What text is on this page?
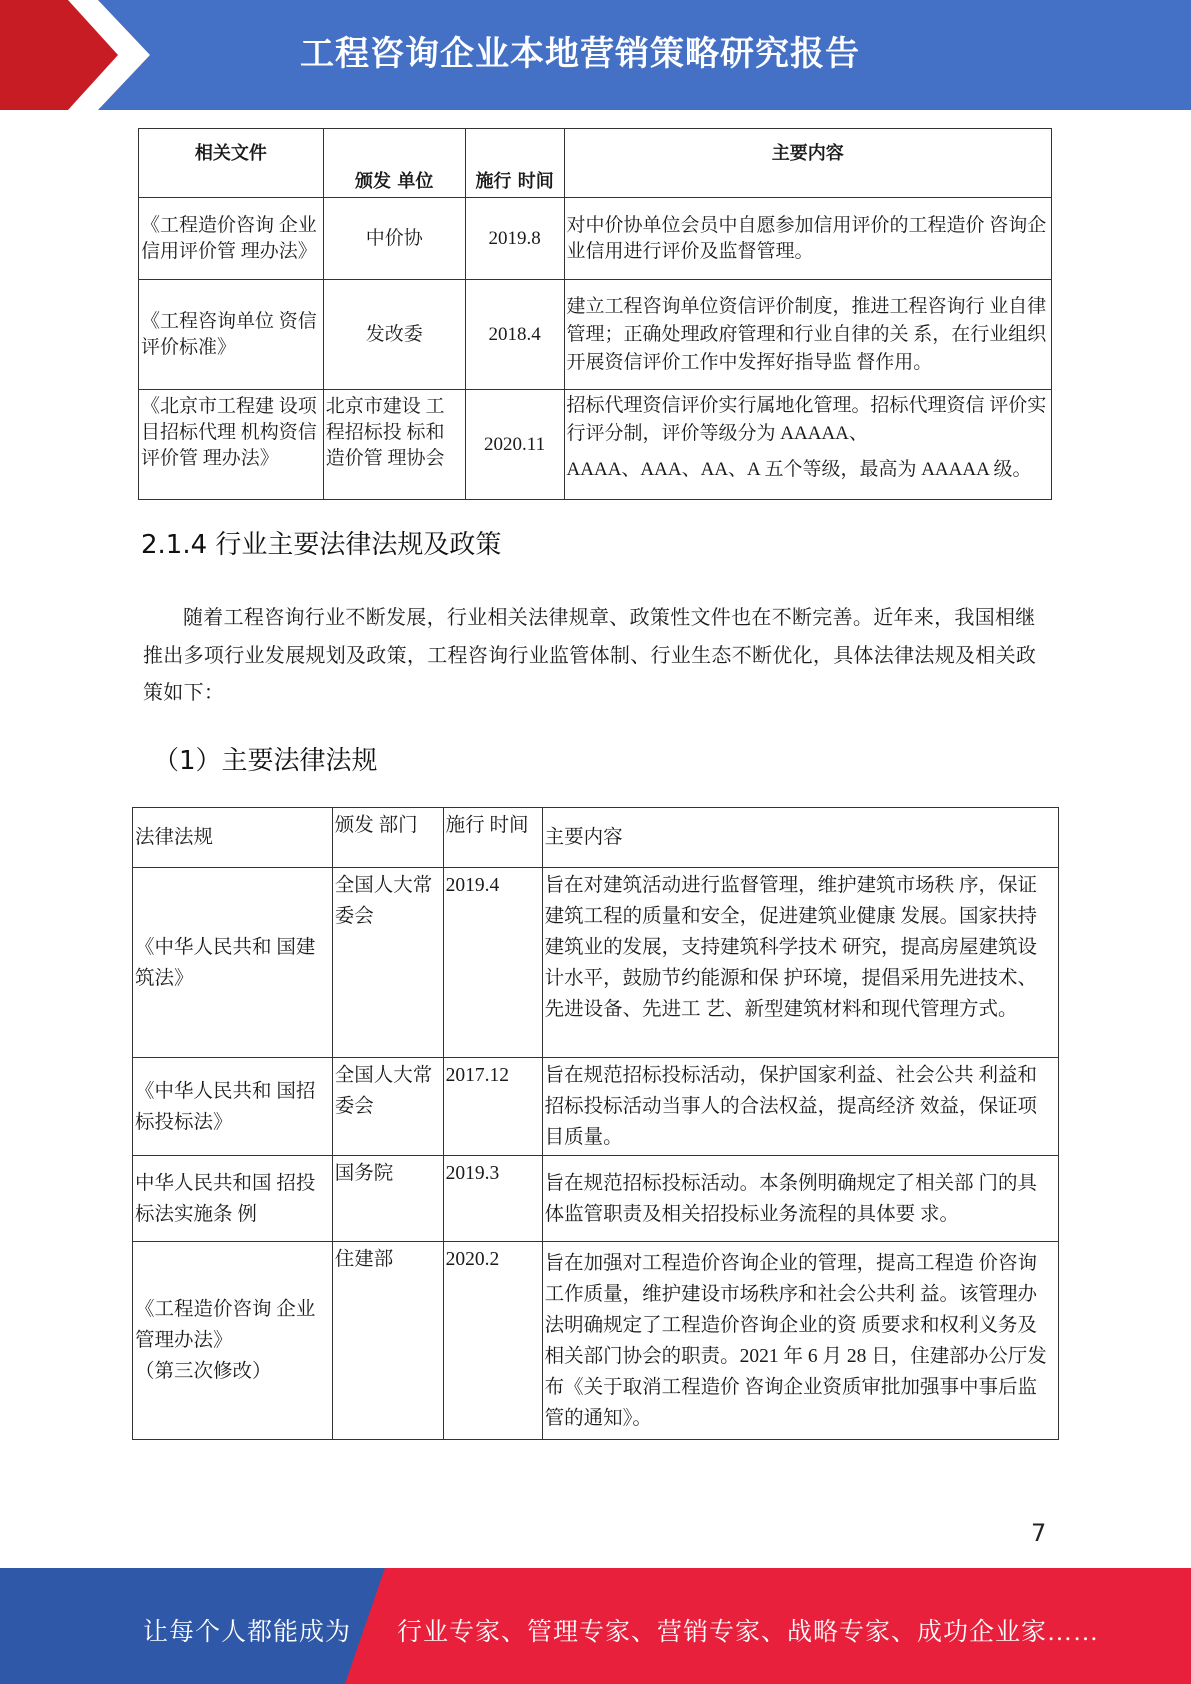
工程咨询企业本地营销策略研究报告
相关文件	颁发 单位	施行 时间	主要内容
《工程造价咨询 企业信用评价管 理办法》	中价协	2019.8	对中价协单位会员中自愿参加信用评价的工程造价 咨询企业信用进行评价及监督管理。
《工程咨询单位 资信评价标准》	发改委	2018.4	建立工程咨询单位资信评价制度，推进工程咨询行 业自律管理；正确处理政府管理和行业自律的关 系，在行业组织开展资信评价工作中发挥好指导监 督作用。
《北京市工程建 设项目招标代理 机构资信评价管 理办法》	北京市建设 工程招标投 标和造价管 理协会	2020.11	招标代理资信评价实行属地化管理。招标代理资信 评价实行评分制，评价等级分为 AAAAA、
AAAA、AAA、AA、A 五个等级，最高为 AAAAA 级。
2.1.4 行业主要法律法规及政策
随着工程咨询行业不断发展，行业相关法律规章、政策性文件也在不断完善。近年来，我国相继推出多项行业发展规划及政策，工程咨询行业监管体制、行业生态不断优化，具体法律法规及相关政策如下：
（1）主要法律法规
法律法规	颁发 部门	施行 时间	主要内容
《中华人民共和 国建筑法》	全国人大常委会	2019.4	旨在对建筑活动进行监督管理，维护建筑市场秩 序，保证建筑工程的质量和安全，促进建筑业健康 发展。国家扶持建筑业的发展，支持建筑科学技术 研究，提高房屋建筑设计水平，鼓励节约能源和保 护环境，提倡采用先进技术、先进设备、先进工 艺、新型建筑材料和现代管理方式。
《中华人民共和 国招标投标法》	全国人大常委会	2017.12	旨在规范招标投标活动，保护国家利益、社会公共 利益和招标投标活动当事人的合法权益，提高经济 效益，保证项目质量。
中华人民共和国 招投标法实施条 例	国务院	2019.3	旨在规范招标投标活动。本条例明确规定了相关部 门的具体监管职责及相关招投标业务流程的具体要 求。

《工程造价咨询 企业管理办法》
（第三次修改）	住建部	2020.2	旨在加强对工程造价咨询企业的管理，提高工程造 价咨询工作质量，维护建设市场秩序和社会公共利 益。该管理办法明确规定了工程造价咨询企业的资 质要求和权利义务及相关部门协会的职责。2021 年 6 月 28 日，住建部办公厅发布《关于取消工程造价 咨询企业资质审批加强事中事后监管的通知》。
7
让每个人都能成为 行业专家、管理专家、营销专家、战略专家、成功企业家……
